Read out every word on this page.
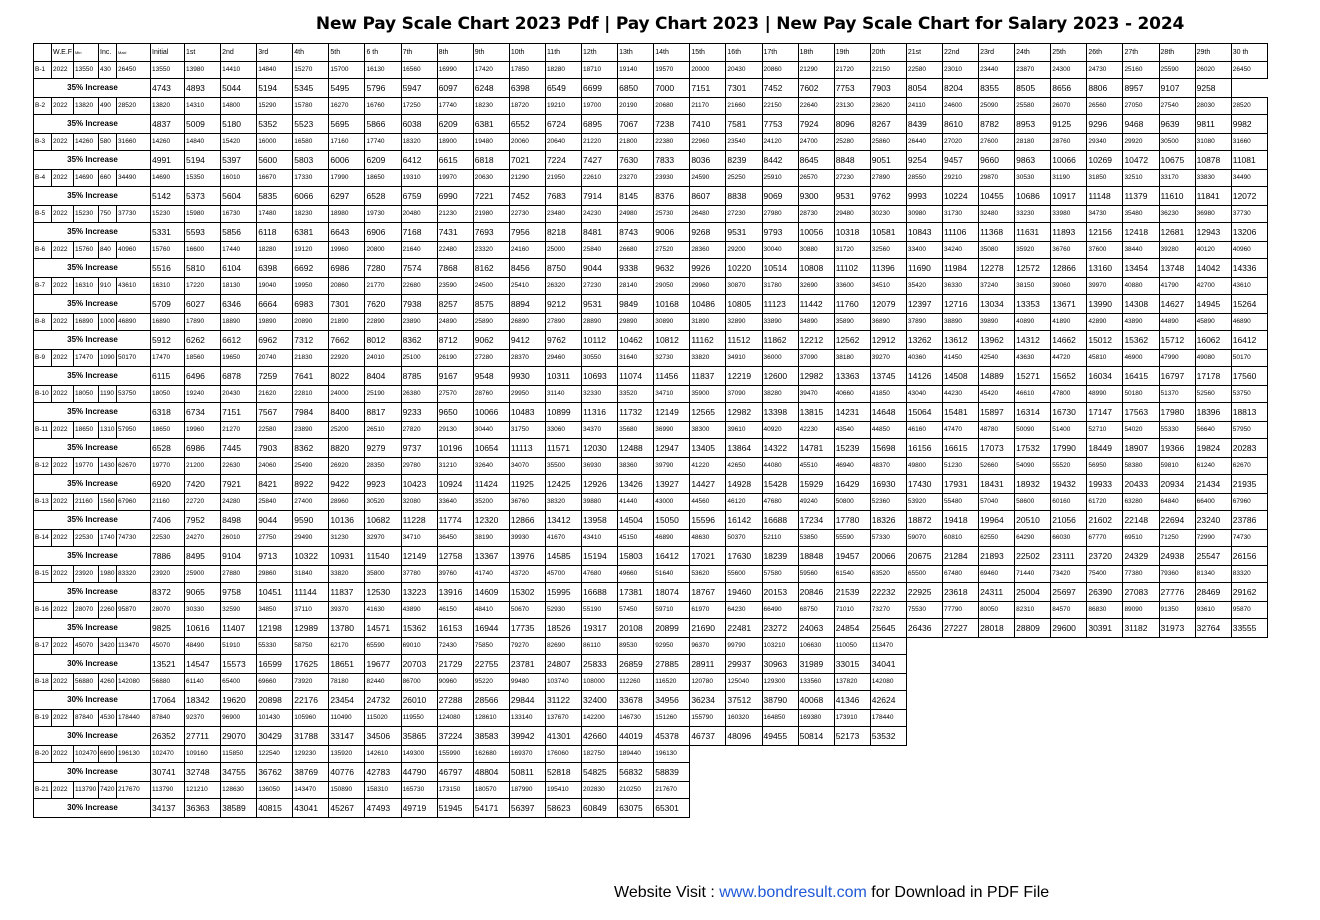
New Pay Scale Chart 2023 Pdf | Pay Chart 2023 | New Pay Scale Chart for Salary 2023 - 2024
	W.E.F	Min	Inc.	Maxi	Initial	1st	2nd	3rd	4th	5th	6 th	7th	8th	9th	10th	11th	12th	13th	14th	15th	16th	17th	18th	19th	20th	21st	22nd	23rd	24th	25th	26th	27th	28th	29th	30 th
B-1	2022	13550	430	26450	13550	13980	14410	14840	15270	15700	16130	16560	16990	17420	17850	18280	18710	19140	19570	20000	20430	20860	21290	21720	22150	22580	23010	23440	23870	24300	24730	25160	25590	26020	26450
35% Increase					4743	4893	5044	5194	5345	5495	5796	5947	6097	6248	6398	6549	6699	6850	7000	7151	7301	7452	7602	7753	7903	8054	8204	8355	8505	8656	8806	8957	9107	9258	
B-2	2022	13820	490	28520	13820	14310	14800	15290	15780	16270	16760	17250	17740	18230	18720	19210	19700	20190	20680	21170	21660	22150	22640	23130	23620	24110	24600	25090	25580	26070	26560	27050	27540	28030	28520
35% Increase					4837	5009	5180	5352	5523	5695	5866	6038	6209	6381	6552	6724	6895	7067	7238	7410	7581	7753	7924	8096	8267	8439	8610	8782	8953	9125	9296	9468	9639	9811	9982
B-3	2022	14260	580	31660	14260	14840	15420	16000	16580	17160	17740	18320	18900	19480	20060	20640	21220	21800	22380	22960	23540	24120	24700	25280	25860	26440	27020	27600	28180	28760	29340	29920	30500	31080	31660
35% Increase					4991	5194	5397	5600	5803	6006	6209	6412	6615	6818	7021	7224	7427	7630	7833	8036	8239	8442	8645	8848	9051	9254	9457	9660	9863	10066	10269	10472	10675	10878	11081
B-4	2022	14690	660	34490	14690	15350	16010	16670	17330	17990	18650	19310	19970	20630	21290	21950	22610	23270	23930	24590	25250	25910	26570	27230	27890	28550	29210	29870	30530	31190	31850	32510	33170	33830	34490
35% Increase					5142	5373	5604	5835	6066	6297	6528	6759	6990	7221	7452	7683	7914	8145	8376	8607	8838	9069	9300	9531	9762	9993	10224	10455	10686	10917	11148	11379	11610	11841	12072
B-5	2022	15230	750	37730	15230	15980	16730	17480	18230	18980	19730	20480	21230	21980	22730	23480	24230	24980	25730	26480	27230	27980	28730	29480	30230	30980	31730	32480	33230	33980	34730	35480	36230	36980	37730
35% Increase					5331	5593	5856	6118	6381	6643	6906	7168	7431	7693	7956	8218	8481	8743	9006	9268	9531	9793	10056	10318	10581	10843	11106	11368	11631	11893	12156	12418	12681	12943	13206
B-6	2022	15760	840	40960	15760	16600	17440	18280	19120	19960	20800	21640	22480	23320	24160	25000	25840	26680	27520	28360	29200	30040	30880	31720	32560	33400	34240	35080	35920	36760	37600	38440	39280	40120	40960
35% Increase					5516	5810	6104	6398	6692	6986	7280	7574	7868	8162	8456	8750	9044	9338	9632	9926	10220	10514	10808	11102	11396	11690	11984	12278	12572	12866	13160	13454	13748	14042	14336
B-7	2022	16310	910	43610	16310	17220	18130	19040	19950	20860	21770	22680	23590	24500	25410	26320	27230	28140	29050	29960	30870	31780	32690	33600	34510	35420	36330	37240	38150	39060	39970	40880	41790	42700	43610
35% Increase					5709	6027	6346	6664	6983	7301	7620	7938	8257	8575	8894	9212	9531	9849	10168	10486	10805	11123	11442	11760	12079	12397	12716	13034	13353	13671	13990	14308	14627	14945	15264
B-8	2022	16890	1000	46890	16890	17890	18890	19890	20890	21890	22890	23890	24890	25890	26890	27890	28890	29890	30890	31890	32890	33890	34890	35890	36890	37890	38890	39890	40890	41890	42890	43890	44890	45890	46890
35% Increase					5912	6262	6612	6962	7312	7662	8012	8362	8712	9062	9412	9762	10112	10462	10812	11162	11512	11862	12212	12562	12912	13262	13612	13962	14312	14662	15012	15362	15712	16062	16412
B-9	2022	17470	1090	50170	17470	18560	19650	20740	21830	22920	24010	25100	26190	27280	28370	29460	30550	31640	32730	33820	34910	36000	37090	38180	39270	40360	41450	42540	43630	44720	45810	46900	47990	49080	50170
35% Increase					6115	6496	6878	7259	7641	8022	8404	8785	9167	9548	9930	10311	10693	11074	11456	11837	12219	12600	12982	13363	13745	14126	14508	14889	15271	15652	16034	16415	16797	17178	17560
B-10	2022	18050	1190	53750	18050	19240	20430	21620	22810	24000	25190	26380	27570	28760	29950	31140	32330	33520	34710	35900	37090	38280	39470	40660	41850	43040	44230	45420	46610	47800	48990	50180	51370	52560	53750
35% Increase					6318	6734	7151	7567	7984	8400	8817	9233	9650	10066	10483	10899	11316	11732	12149	12565	12982	13398	13815	14231	14648	15064	15481	15897	16314	16730	17147	17563	17980	18396	18813
B-11	2022	18650	1310	57950	18650	19960	21270	22580	23890	25200	26510	27820	29130	30440	31750	33060	34370	35680	36990	38300	39610	40920	42230	43540	44850	46160	47470	48780	50090	51400	52710	54020	55330	56640	57950
35% Increase					6528	6986	7445	7903	8362	8820	9279	9737	10196	10654	11113	11571	12030	12488	12947	13405	13864	14322	14781	15239	15698	16156	16615	17073	17532	17990	18449	18907	19366	19824	20283
B-12	2022	19770	1430	62670	19770	21200	22630	24060	25490	26920	28350	29780	31210	32640	34070	35500	36930	38360	39790	41220	42650	44080	45510	46940	48370	49800	51230	52660	54090	55520	56950	58380	59810	61240	62670
35% Increase					6920	7420	7921	8421	8922	9422	9923	10423	10924	11424	11925	12425	12926	13426	13927	14427	14928	15428	15929	16429	16930	17430	17931	18431	18932	19432	19933	20433	20934	21434	21935
B-13	2022	21160	1560	67960	21160	22720	24280	25840	27400	28960	30520	32080	33640	35200	36760	38320	39880	41440	43000	44560	46120	47680	49240	50800	52360	53920	55480	57040	58600	60160	61720	63280	64840	66400	67960
35% Increase					7406	7952	8498	9044	9590	10136	10682	11228	11774	12320	12866	13412	13958	14504	15050	15596	16142	16688	17234	17780	18326	18872	19418	19964	20510	21056	21602	22148	22694	23240	23786
B-14	2022	22530	1740	74730	22530	24270	26010	27750	29490	31230	32970	34710	36450	38190	39930	41670	43410	45150	46890	48630	50370	52110	53850	55590	57330	59070	60810	62550	64290	66030	67770	69510	71250	72990	74730
35% Increase					7886	8495	9104	9713	10322	10931	11540	12149	12758	13367	13976	14585	15194	15803	16412	17021	17630	18239	18848	19457	20066	20675	21284	21893	22502	23111	23720	24329	24938	25547	26156
B-15	2022	23920	1980	83320	23920	25900	27880	29860	31840	33820	35800	37780	39760	41740	43720	45700	47680	49660	51640	53620	55600	57580	59560	61540	63520	65500	67480	69460	71440	73420	75400	77380	79360	81340	83320
35% Increase					8372	9065	9758	10451	11144	11837	12530	13223	13916	14609	15302	15995	16688	17381	18074	18767	19460	20153	20846	21539	22232	22925	23618	24311	25004	25697	26390	27083	27776	28469	29162
B-16	2022	28070	2260	95870	28070	30330	32590	34850	37110	39370	41630	43890	46150	48410	50670	52930	55190	57450	59710	61970	64230	66490	68750	71010	73270	75530	77790	80050	82310	84570	86830	89090	91350	93610	95870
35% Increase					9825	10616	11407	12198	12989	13780	14571	15362	16153	16944	17735	18526	19317	20108	20899	21690	22481	23272	24063	24854	25645	26436	27227	28018	28809	29600	30391	31182	31973	32764	33555
B-17	2022	45070	3420	113470	45070	48490	51910	55330	58750	62170	65590	69010	72430	75850	79270	82690	86110	89530	92950	96370	99790	103210	106630	110050	113470										
30% Increase					13521	14547	15573	16599	17625	18651	19677	20703	21729	22755	23781	24807	25833	26859	27885	28911	29937	30963	31989	33015	34041										
B-18	2022	56880	4260	142080	56880	61140	65400	69660	73920	78180	82440	86700	90960	95220	99480	103740	108000	112260	116520	120780	125040	129300	133560	137820	142080										
30% Increase					17064	18342	19620	20898	22176	23454	24732	26010	27288	28566	29844	31122	32400	33678	34956	36234	37512	38790	40068	41346	42624										
B-19	2022	87840	4530	178440	87840	92370	96900	101430	105960	110490	115020	119550	124080	128610	133140	137670	142200	146730	151260	155790	160320	164850	169380	173910	178440										
30% Increase					26352	27711	29070	30429	31788	33147	34506	35865	37224	38583	39942	41301	42660	44019	45378	46737	48096	49455	50814	52173	53532										
B-20	2022	102470	6690	196130	102470	109160	115850	122540	129230	135920	142610	149300	155990	162680	169370	176060	182750	189440	196130																
30% Increase					30741	32748	34755	36762	38769	40776	42783	44790	46797	48804	50811	52818	54825	56832	58839																
B-21	2022	113790	7420	217670	113790	121210	128630	136050	143470	150890	158310	165730	173150	180570	187990	195410	202830	210250	217670																
30% Increase					34137	36363	38589	40815	43041	45267	47493	49719	51945	54171	56397	58623	60849	63075	65301																
Website Visit : www.bondresult.com for Download in PDF File
